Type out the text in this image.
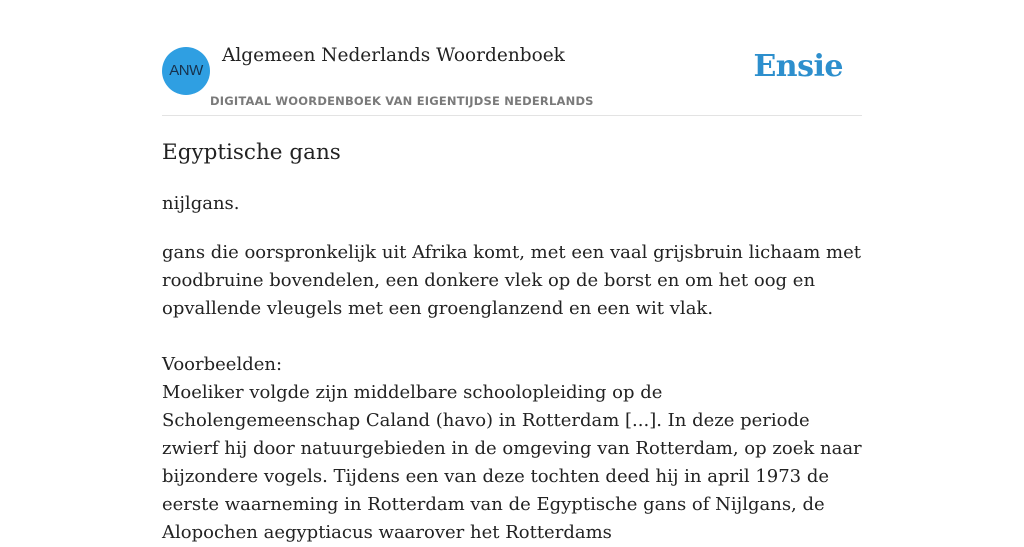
ANW
Algemeen Nederlands Woordenboek
DIGITAAL WOORDENBOEK VAN EIGENTIJDSE NEDERLANDS
Ensie
Egyptische gans
nijlgans.

gans die oorspronkelijk uit Afrika komt, met een vaal grijsbruin lichaam met roodbruine bovendelen, een donkere vlek op de borst en om het oog en opvallende vleugels met een groenglanzend en een wit vlak.

Voorbeelden:

Moeliker volgde zijn middelbare schoolopleiding op de Scholengemeenschap Caland (havo) in Rotterdam [...]. In deze periode zwierf hij door natuurgebieden in de omgeving van Rotterdam, op zoek naar bijzondere vogels. Tijdens een van deze tochten deed hij in april 1973 de eerste waarneming in Rotterdam van de Egyptische gans of Nijlgans, de Alopochen aegyptiacus waarover het Rotterdams
